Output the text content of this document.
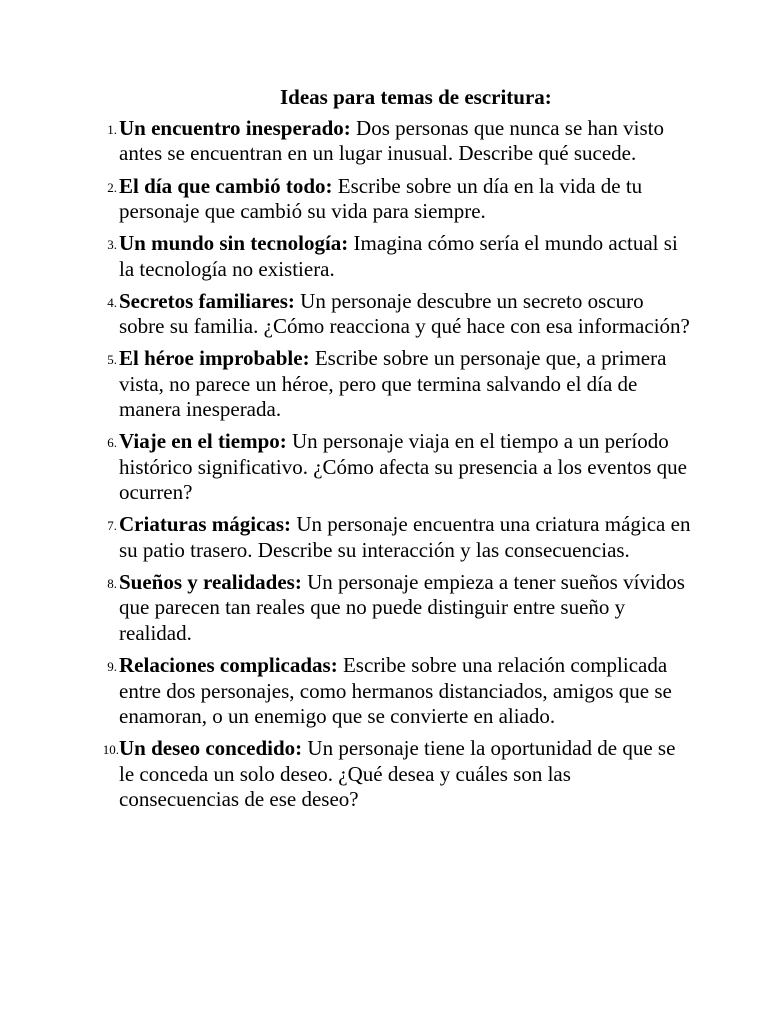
Ideas para temas de escritura:
1. Un encuentro inesperado: Dos personas que nunca se han visto antes se encuentran en un lugar inusual. Describe qué sucede.
2. El día que cambió todo: Escribe sobre un día en la vida de tu personaje que cambió su vida para siempre.
3. Un mundo sin tecnología: Imagina cómo sería el mundo actual si la tecnología no existiera.
4. Secretos familiares: Un personaje descubre un secreto oscuro sobre su familia. ¿Cómo reacciona y qué hace con esa información?
5. El héroe improbable: Escribe sobre un personaje que, a primera vista, no parece un héroe, pero que termina salvando el día de manera inesperada.
6. Viaje en el tiempo: Un personaje viaja en el tiempo a un período histórico significativo. ¿Cómo afecta su presencia a los eventos que ocurren?
7. Criaturas mágicas: Un personaje encuentra una criatura mágica en su patio trasero. Describe su interacción y las consecuencias.
8. Sueños y realidades: Un personaje empieza a tener sueños vívidos que parecen tan reales que no puede distinguir entre sueño y realidad.
9. Relaciones complicadas: Escribe sobre una relación complicada entre dos personajes, como hermanos distanciados, amigos que se enamoran, o un enemigo que se convierte en aliado.
10. Un deseo concedido: Un personaje tiene la oportunidad de que se le conceda un solo deseo. ¿Qué desea y cuáles son las consecuencias de ese deseo?
